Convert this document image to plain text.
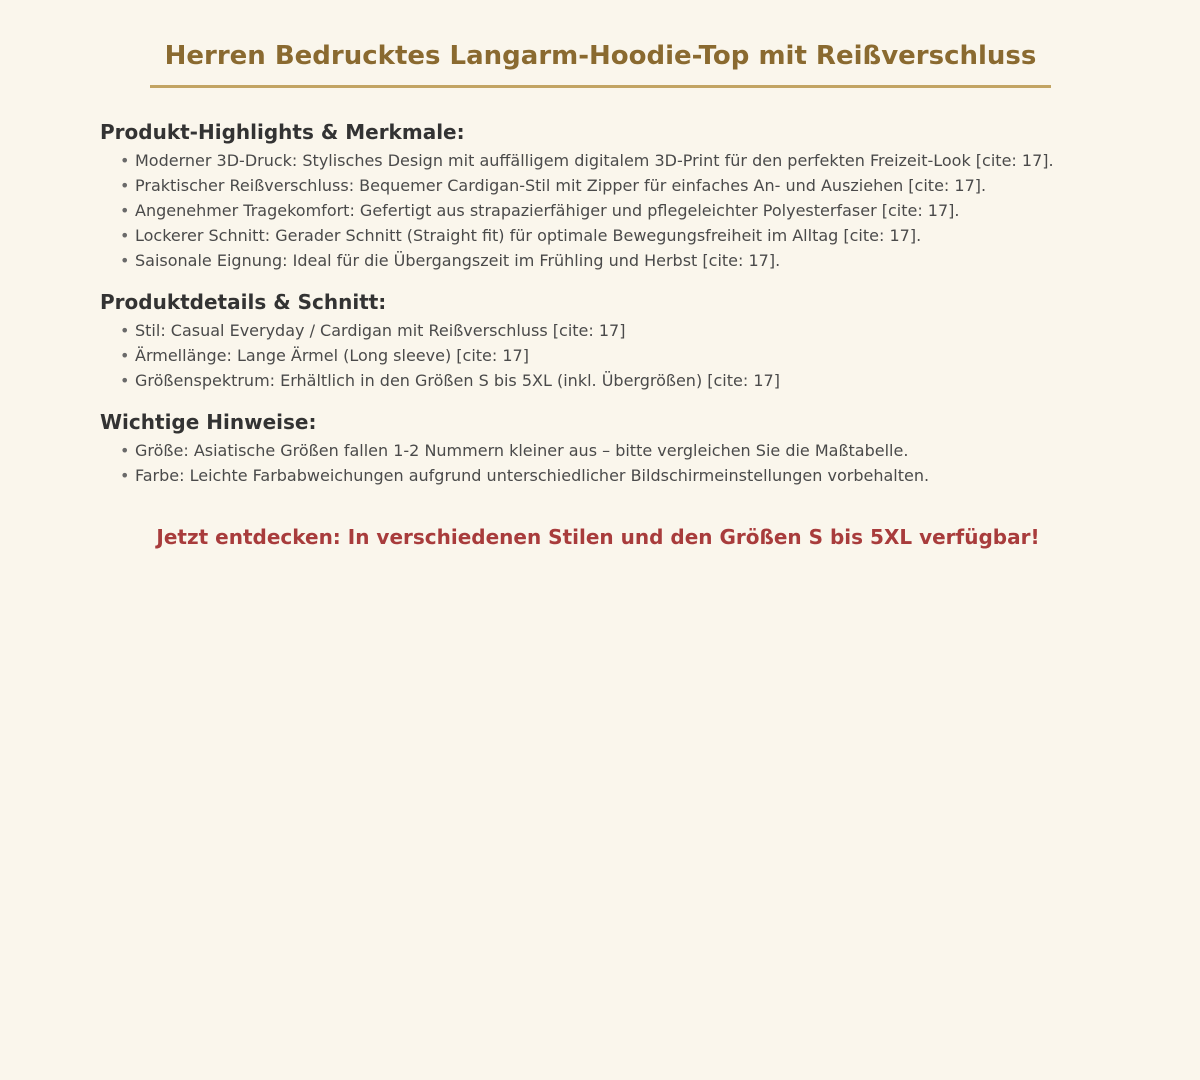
Herren Bedrucktes Langarm-Hoodie-Top mit Reißverschluss
Produkt-Highlights & Merkmale:
• Moderner 3D-Druck: Stylisches Design mit auffälligem digitalem 3D-Print für den perfekten Freizeit-Look [cite: 17].
• Praktischer Reißverschluss: Bequemer Cardigan-Stil mit Zipper für einfaches An- und Ausziehen [cite: 17].
• Angenehmer Tragekomfort: Gefertigt aus strapazierfähiger und pflegeleichter Polyesterfaser [cite: 17].
• Lockerer Schnitt: Gerader Schnitt (Straight fit) für optimale Bewegungsfreiheit im Alltag [cite: 17].
• Saisonale Eignung: Ideal für die Übergangszeit im Frühling und Herbst [cite: 17].
Produktdetails & Schnitt:
• Stil: Casual Everyday / Cardigan mit Reißverschluss [cite: 17]
• Ärmellänge: Lange Ärmel (Long sleeve) [cite: 17]
• Größenspektrum: Erhältlich in den Größen S bis 5XL (inkl. Übergrößen) [cite: 17]
Wichtige Hinweise:
• Größe: Asiatische Größen fallen 1-2 Nummern kleiner aus – bitte vergleichen Sie die Maßtabelle.
• Farbe: Leichte Farbabweichungen aufgrund unterschiedlicher Bildschirmeinstellungen vorbehalten.

Jetzt entdecken: In verschiedenen Stilen und den Größen S bis 5XL verfügbar!
